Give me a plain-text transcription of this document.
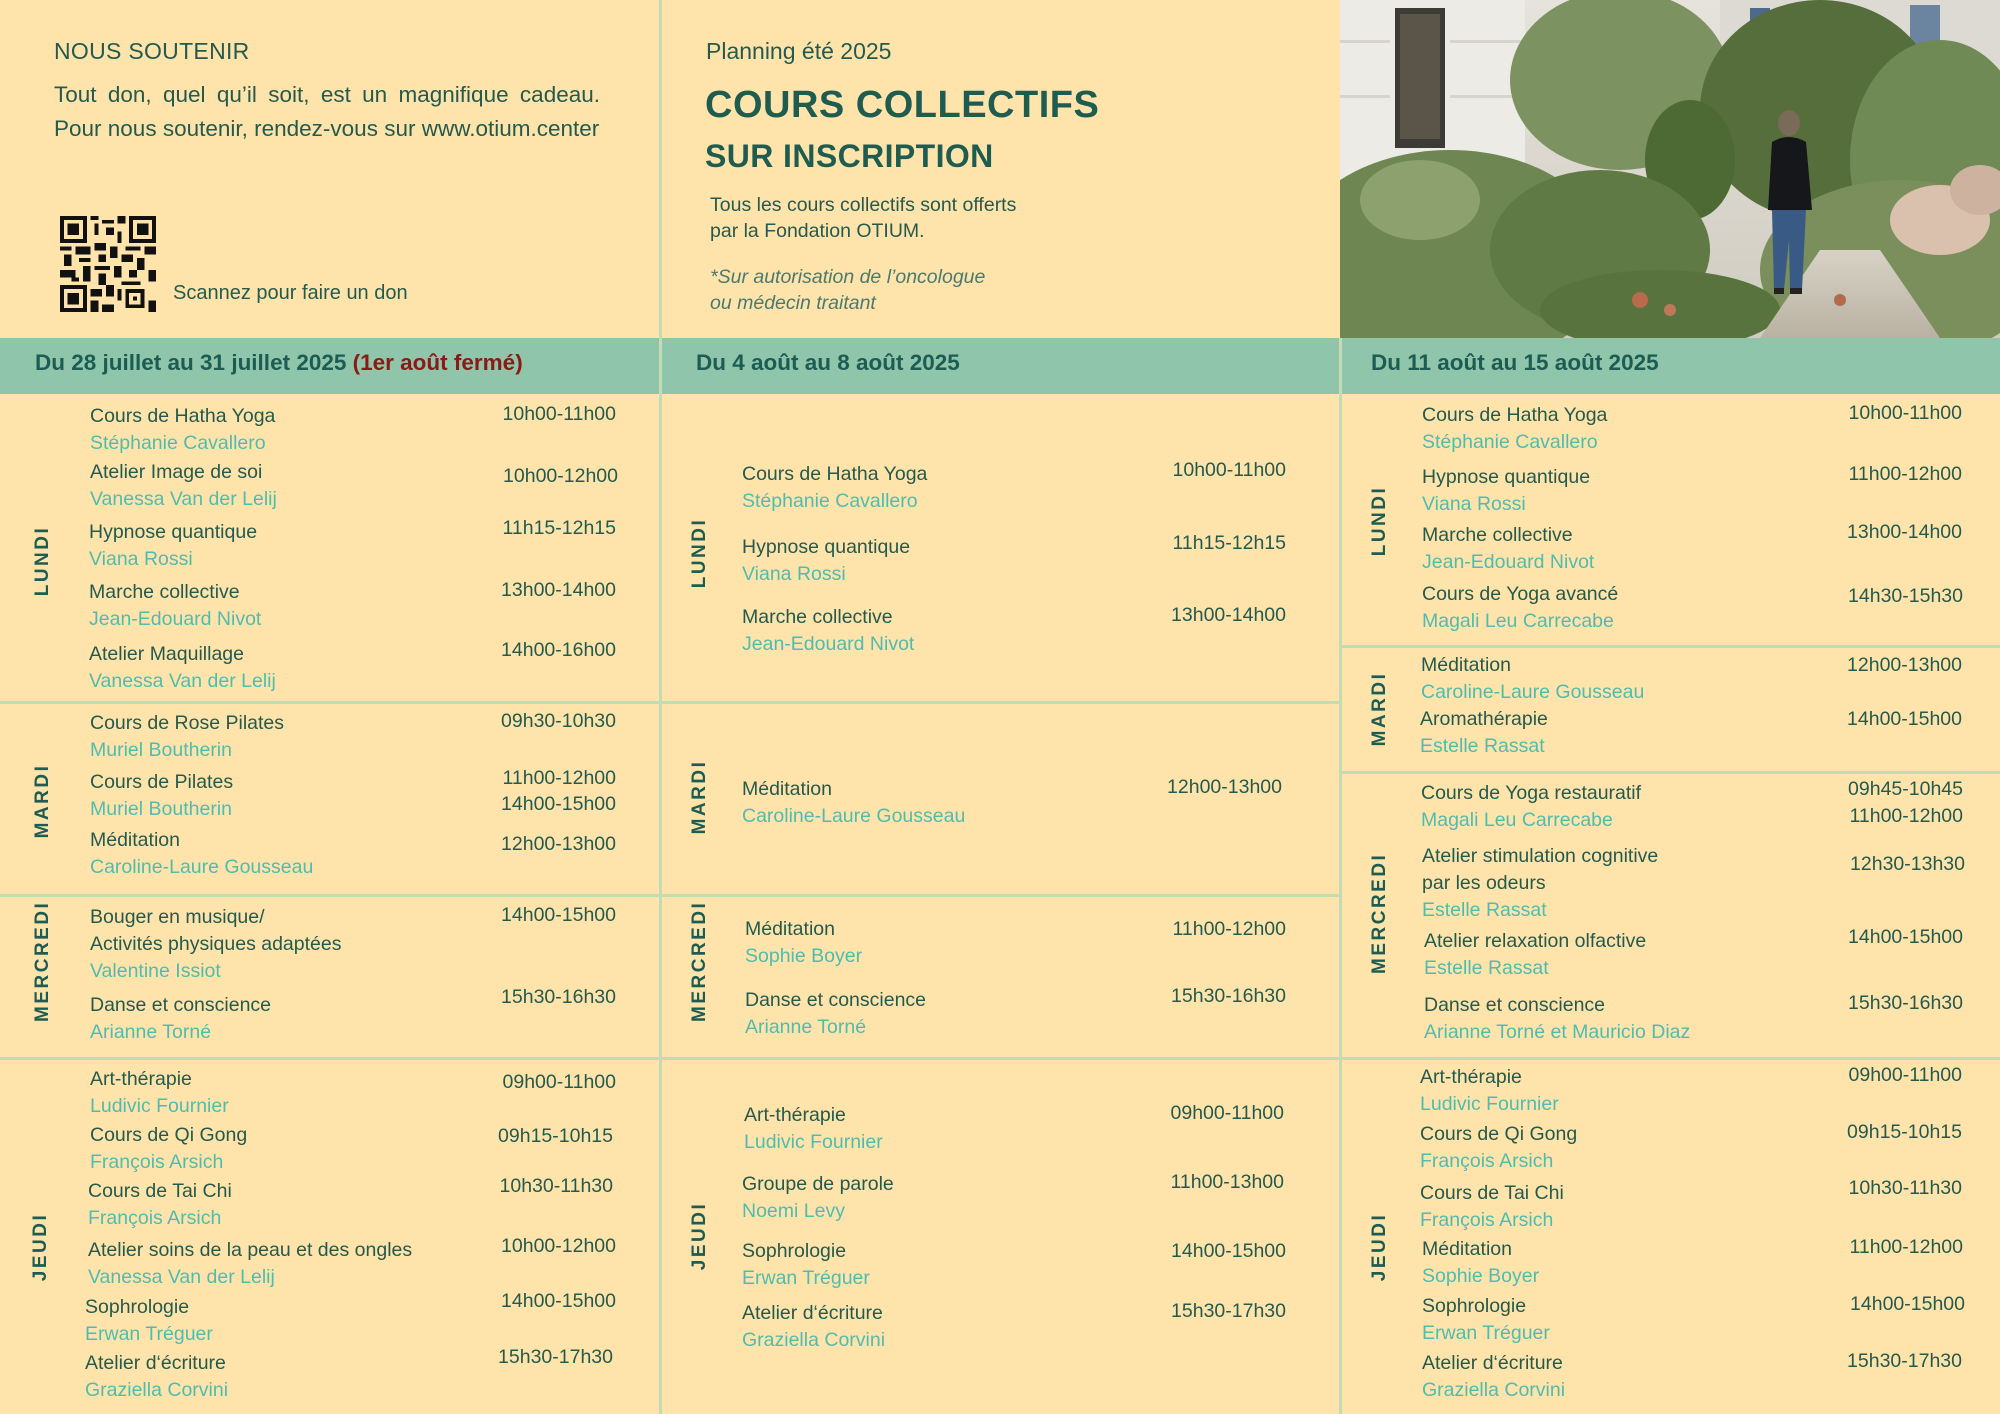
NOUS SOUTENIR
Tout don, quel qu’il soit, est un magnifique cadeau. Pour nous soutenir, rendez-vous sur www.otium.center
Scannez pour faire un don
Planning été 2025
COURS COLLECTIFS
SUR INSCRIPTION
Tous les cours collectifs sont offerts
par la Fondation OTIUM.
*Sur autorisation de l’oncologue
ou médecin traitant
Du 28 juillet au 31 juillet 2025 (1er août fermé)	Du 4 août au 8 août 2025	Du 11 août au 15 août 2025
LUNDI
Cours de Hatha Yoga
Stéphanie Cavallero
10h00-11h00
Atelier Image de soi
Vanessa Van der Lelij
10h00-12h00
Hypnose quantique
Viana Rossi
11h15-12h15
Marche collective
Jean-Edouard Nivot
13h00-14h00
Atelier Maquillage
Vanessa Van der Lelij
14h00-16h00
MARDI
Cours de Rose Pilates
Muriel Boutherin
09h30-10h30
Cours de Pilates
Muriel Boutherin
11h00-12h00
14h00-15h00
Méditation
Caroline-Laure Gousseau
12h00-13h00
MERCREDI Bouger en musique/
Activités physiques adaptées
Valentine Issiot
14h00-15h00
Danse et conscience
Arianne Torné
15h30-16h30
JEUDI
Art-thérapie
Ludivic Fournier
09h00-11h00
Cours de Qi Gong
François Arsich
09h15-10h15
Cours de Tai Chi
François Arsich
10h30-11h30
Atelier soins de la peau et des ongles
Vanessa Van der Lelij
10h00-12h00
Sophrologie
Erwan Tréguer
14h00-15h00
Atelier d‘écriture
Graziella Corvini
15h30-17h30
LUNDI
Cours de Hatha Yoga
Stéphanie Cavallero
10h00-11h00
Hypnose quantique
Viana Rossi
11h15-12h15
Marche collective
Jean-Edouard Nivot
13h00-14h00
MARDI Méditation
Caroline-Laure Gousseau
12h00-13h00
MERCREDI Méditation
Sophie Boyer
11h00-12h00
Danse et conscience
Arianne Torné
15h30-16h30
JEUDI
Art-thérapie
Ludivic Fournier
09h00-11h00
Groupe de parole
Noemi Levy
11h00-13h00
Sophrologie
Erwan Tréguer
14h00-15h00
Atelier d‘écriture
Graziella Corvini
15h30-17h30
LUNDI
Cours de Hatha Yoga
Stéphanie Cavallero
10h00-11h00
Hypnose quantique
Viana Rossi
11h00-12h00
Marche collective
Jean-Edouard Nivot
13h00-14h00
Cours de Yoga avancé
Magali Leu Carrecabe
14h30-15h30
MARDI
Méditation
Caroline-Laure Gousseau
12h00-13h00
Aromathérapie
Estelle Rassat
14h00-15h00
MERCREDI
Cours de Yoga restauratif
Magali Leu Carrecabe
09h45-10h45
11h00-12h00
Atelier stimulation cognitive
par les odeurs
Estelle Rassat
12h30-13h30
Atelier relaxation olfactive
Estelle Rassat
14h00-15h00
Danse et conscience
Arianne Torné et Mauricio Diaz
15h30-16h30
JEUDI
Art-thérapie
Ludivic Fournier
09h00-11h00
Cours de Qi Gong
François Arsich
09h15-10h15
Cours de Tai Chi
François Arsich
10h30-11h30
Méditation
Sophie Boyer
11h00-12h00
Sophrologie
Erwan Tréguer
14h00-15h00
Atelier d‘écriture
Graziella Corvini
15h30-17h30
